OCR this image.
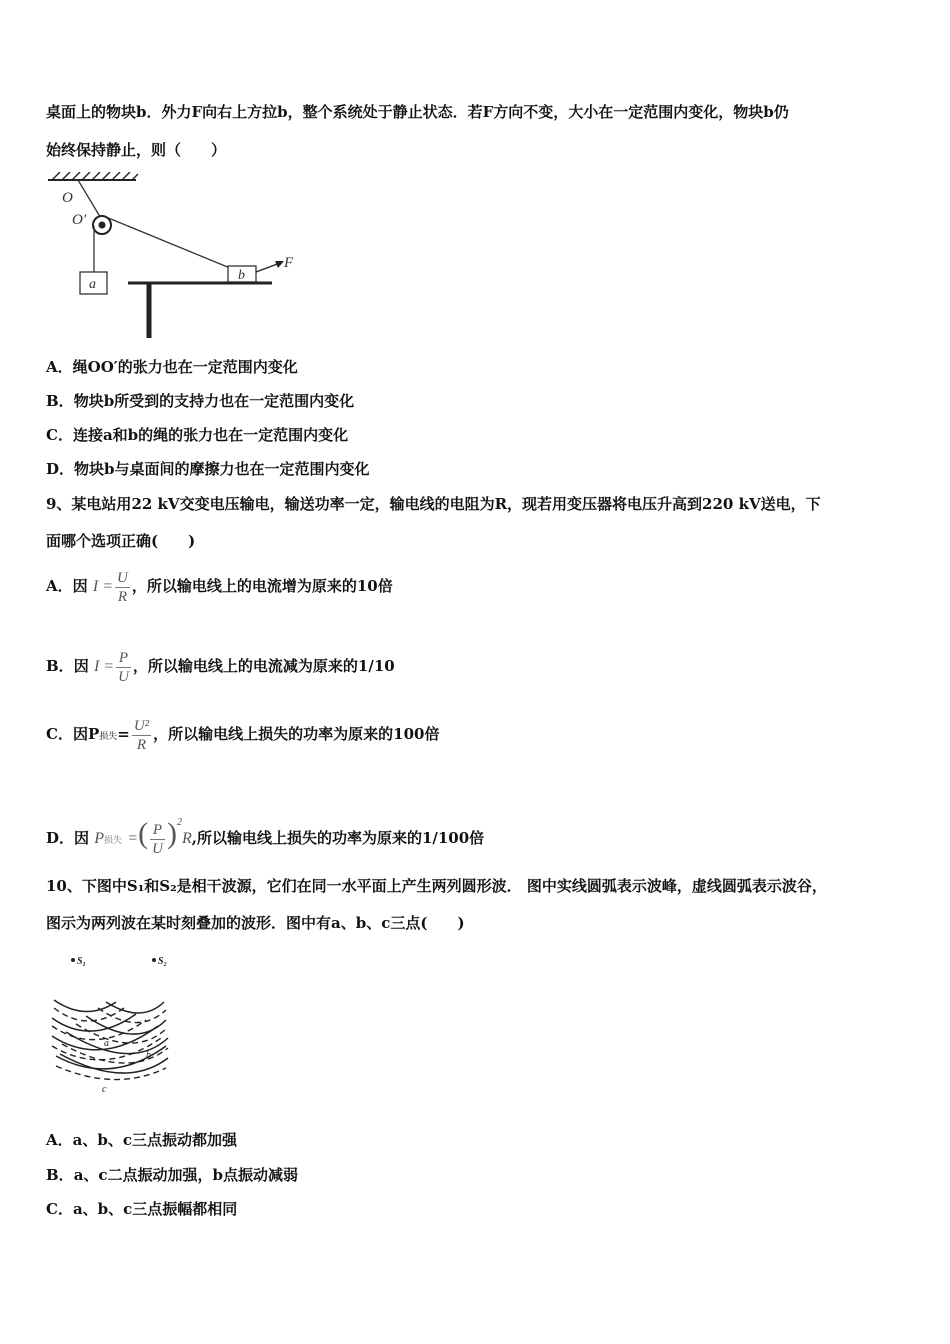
桌面上的物块b．外力F向右上方拉b，整个系统处于静止状态．若F方向不变，大小在一定范围内变化，物块b仍
始终保持静止，则（　　）
O
O′
a
b
F
A．绳OO′的张力也在一定范围内变化
B．物块b所受到的支持力也在一定范围内变化
C．连接a和b的绳的张力也在一定范围内变化
D．物块b与桌面间的摩擦力也在一定范围内变化
9、某电站用22 kV交变电压输电，输送功率一定，输电线的电阻为R，现若用变压器将电压升高到220 kV送电，下
面哪个选项正确(　　)
A．因 $I = \frac{U}{R}$ ，所以输电线上的电流增为原来的10倍
B．因 $I = \frac{P}{U}$ ，所以输电线上的电流减为原来的1/10
C．因P损失= $\frac{\text{U²}}{R}$ ，所以输电线上损失的功率为原来的100倍
D．因 P损失 =( $\frac{P}{U} )^2R$,所以输电线上损失的功率为原来的1/100倍
10、下图中S₁和S₂是相干波源，它们在同一水平面上产生两列圆形波． 图中实线圆弧表示波峰，虚线圆弧表示波谷，
图示为两列波在某时刻叠加的波形．图中有a、b、c三点(　　)
S₁	S₂
a
b
c
A．a、b、c三点振动都加强
B．a、c二点振动加强，b点振动减弱
C．a、b、c三点振幅都相同
